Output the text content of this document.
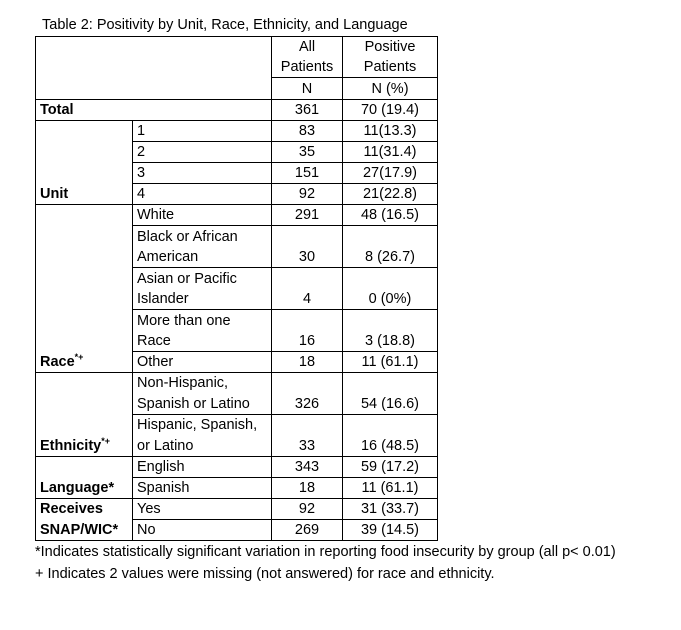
Table 2: Positivity by Unit, Race, Ethnicity, and Language
		All	Positive
		Patients	Patients
		N	N (%)
Total		361	70 (19.4)
Unit	1	83	11(13.3)
	2	35	11(31.4)
	3	151	27(17.9)
	4	92	21(22.8)
Race*+	White	291	48 (16.5)
	Black or African		
	American	30	8 (26.7)
	Asian or Pacific		
	Islander	4	0 (0%)
	More than one		
	Race	16	3 (18.8)
	Other	18	11 (61.1)
Ethnicity*+	Non-Hispanic,		
	Spanish or Latino	326	54 (16.6)
	Hispanic, Spanish,		
	or Latino	33	16 (48.5)
Language*	English	343	59 (17.2)
	Spanish	18	11 (61.1)
Receives	Yes	92	31 (33.7)
SNAP/WIC*	No	269	39 (14.5)
*Indicates statistically significant variation in reporting food insecurity by group (all p< 0.01)
+ Indicates 2 values were missing (not answered) for race and ethnicity.
